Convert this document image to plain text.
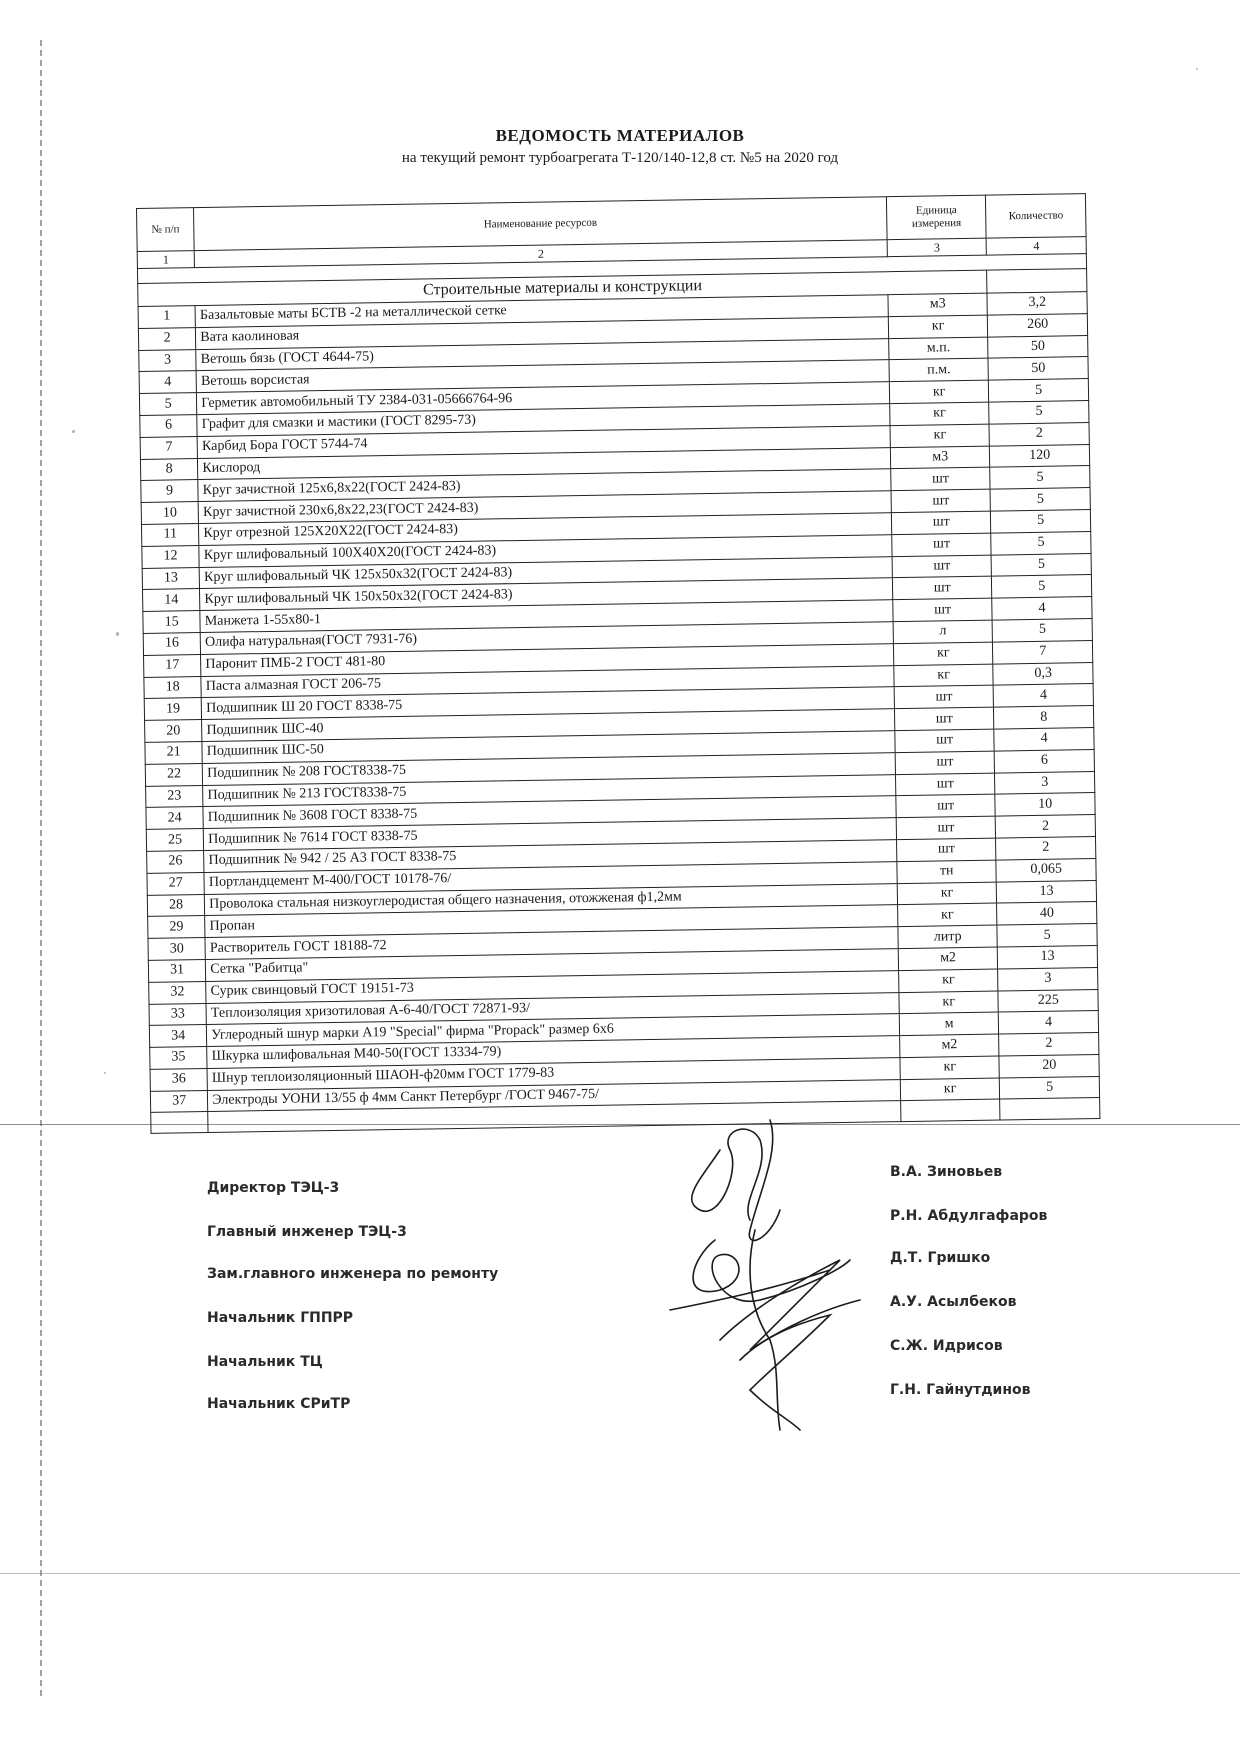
ВЕДОМОСТЬ МАТЕРИАЛОВ
на текущий ремонт турбоагрегата Т-120/140-12,8 ст. №5 на 2020 год
№ п/п	Наименование ресурсов	Единица измерения	Количество
1	2	3	4

Строительные материалы и конструкции			
1	Базальтовые маты БСТВ -2 на металлической сетке	м3	3,2
2	Вата каолиновая	кг	260
3	Ветошь бязь (ГОСТ 4644-75)	м.п.	50
4	Ветошь ворсистая	п.м.	50
5	Герметик автомобильный ТУ 2384-031-05666764-96	кг	5
6	Графит для смазки и мастики (ГОСТ 8295-73)	кг	5
7	Карбид Бора ГОСТ 5744-74	кг	2
8	Кислород	м3	120
9	Круг зачистной 125х6,8х22(ГОСТ 2424-83)	шт	5
10	Круг зачистной 230х6,8х22,23(ГОСТ 2424-83)	шт	5
11	Круг отрезной 125Х20Х22(ГОСТ 2424-83)	шт	5
12	Круг шлифовальный 100Х40Х20(ГОСТ 2424-83)	шт	5
13	Круг шлифовальный ЧК 125х50х32(ГОСТ 2424-83)	шт	5
14	Круг шлифовальный ЧК 150х50х32(ГОСТ 2424-83)	шт	5
15	Манжета 1-55х80-1	шт	4
16	Олифа натуральная(ГОСТ 7931-76)	л	5
17	Паронит ПМБ-2 ГОСТ 481-80	кг	7
18	Паста алмазная ГОСТ 206-75	кг	0,3
19	Подшипник Ш 20 ГОСТ 8338-75	шт	4
20	Подшипник ШС-40	шт	8
21	Подшипник ШС-50	шт	4
22	Подшипник № 208 ГОСТ8338-75	шт	6
23	Подшипник № 213 ГОСТ8338-75	шт	3
24	Подшипник № 3608 ГОСТ 8338-75	шт	10
25	Подшипник № 7614 ГОСТ 8338-75	шт	2
26	Подшипник № 942 / 25 А3 ГОСТ 8338-75	шт	2
27	Портландцемент М-400/ГОСТ 10178-76/	тн	0,065
28	Проволока стальная низкоуглеродистая общего назначения, отожженая ф1,2мм	кг	13
29	Пропан	кг	40
30	Растворитель ГОСТ 18188-72	литр	5
31	Сетка "Рабитца"	м2	13
32	Сурик свинцовый ГОСТ 19151-73	кг	3
33	Теплоизоляция хризотиловая А-6-40/ГОСТ 72871-93/	кг	225
34	Углеродный шнур марки А19 "Special" фирма "Propack" размер 6х6	м	4
35	Шкурка шлифовальная М40-50(ГОСТ 13334-79)	м2	2
36	Шнур теплоизоляционный ШАОН-ф20мм ГОСТ 1779-83	кг	20
37	Электроды УОНИ 13/55 ф 4мм Санкт Петербург /ГОСТ 9467-75/	кг	5

Директор ТЭЦ-3
В.А. Зиновьев
Главный инженер ТЭЦ-3
Р.Н. Абдулгафаров
Зам.главного инженера по ремонту
Д.Т. Гришко
Начальник ГППРР
А.У. Асылбеков
Начальник ТЦ
С.Ж. Идрисов
Начальник СРиТР
Г.Н. Гайнутдинов
